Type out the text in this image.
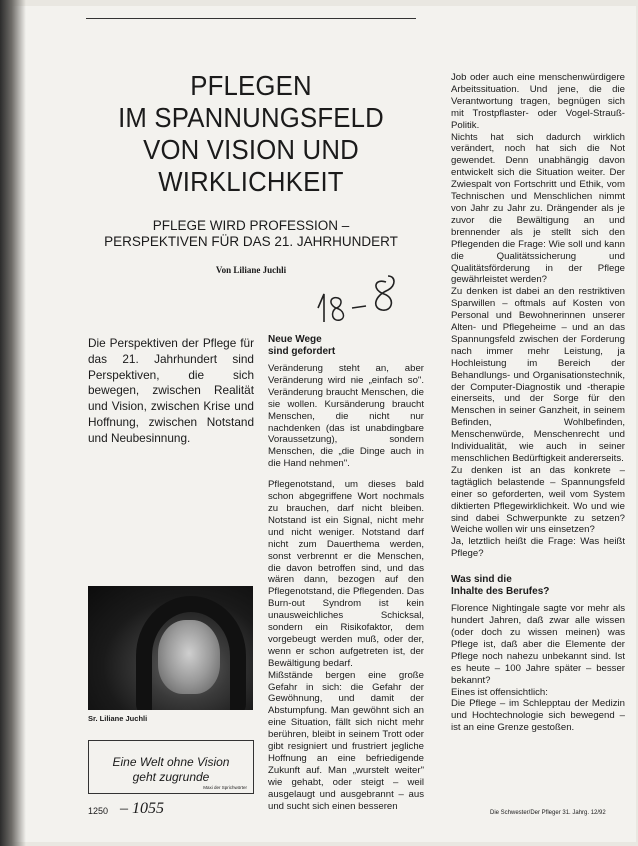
PFLEGEN
IM SPANNUNGSFELD
VON VISION UND
WIRKLICHKEIT
PFLEGE WIRD PROFESSION –
PERSPEKTIVEN FÜR DAS 21. JAHRHUNDERT
Von Liliane Juchli
Die Perspektiven der Pflege für das 21. Jahrhundert sind Perspektiven, die sich bewegen, zwischen Realität und Vision, zwischen Krise und Hoffnung, zwischen Notstand und Neubesinnung.
Sr. Liliane Juchli
Eine Welt ohne Vision
geht zugrunde
Maxi der Sprichwörter
Neue Wege
sind gefordert

Veränderung steht an, aber Veränderung wird nie „einfach so". Veränderung braucht Menschen, die sie wollen. Kursänderung braucht Menschen, die nicht nur nachdenken (das ist unabdingbare Voraussetzung), sondern Menschen, die „die Dinge auch in die Hand nehmen".

Pflegenotstand, um dieses bald schon abgegriffene Wort nochmals zu brauchen, darf nicht bleiben. Notstand ist ein Signal, nicht mehr und nicht weniger. Notstand darf nicht zum Dauerthema werden, sonst verbrennt er die Menschen, die davon betroffen sind, und das wären dann, bezogen auf den Pflegenotstand, die Pflegenden. Das Burn-out Syndrom ist kein unausweichliches Schicksal, sondern ein Risikofaktor, dem vorgebeugt werden muß, oder der, wenn er schon aufgetreten ist, der Bewältigung bedarf.

Mißstände bergen eine große Gefahr in sich: die Gefahr der Gewöhnung, und damit der Abstumpfung. Man gewöhnt sich an eine Situation, fällt sich nicht mehr berühren, bleibt in seinem Trott oder gibt resigniert und frustriert jegliche Hoffnung an eine befriedigende Zukunft auf. Man „wurstelt weiter" wie gehabt, oder steigt – weil ausgelaugt und ausgebrannt – aus und sucht sich einen besseren

Job oder auch eine menschenwürdigere Arbeitssituation. Und jene, die die Verantwortung tragen, begnügen sich mit Trostpflaster- oder Vogel-Strauß-Politik.

Nichts hat sich dadurch wirklich verändert, noch hat sich die Not gewendet. Denn unabhängig davon entwickelt sich die Situation weiter. Der Zwiespalt von Fortschritt und Ethik, vom Technischen und Menschlichen nimmt von Jahr zu Jahr zu. Drängender als je zuvor die Bewältigung an und brennender als je stellt sich den Pflegenden die Frage: Wie soll und kann die Qualitätssicherung und Qualitätsförderung in der Pflege gewährleistet werden?

Zu denken ist dabei an den restriktiven Sparwillen – oftmals auf Kosten von Personal und Bewohnerinnen unserer Alten- und Pflegeheime – und an das Spannungsfeld zwischen der Forderung nach immer mehr Leistung, ja Hochleistung im Bereich der Behandlungs- und Organisationstechnik, der Computer-Diagnostik und -therapie einerseits, und der Sorge für den Menschen in seiner Ganzheit, in seinem Befinden, Wohlbefinden, Menschenwürde, Menschenrecht und Individualität, wie auch in seiner menschlichen Bedürftigkeit andererseits.

Zu denken ist an das konkrete – tagtäglich belastende – Spannungsfeld einer so geforderten, weil vom System diktierten Pflegewirklichkeit. Wo und wie sind dabei Schwerpunkte zu setzen? Weiche wollen wir uns einsetzen?

Ja, letztlich heißt die Frage: Was heißt Pflege?

Was sind die
Inhalte des Berufes?

Florence Nightingale sagte vor mehr als hundert Jahren, daß zwar alle wissen (oder doch zu wissen meinen) was Pflege ist, daß aber die Elemente der Pflege noch nahezu unbekannt sind. Ist es heute – 100 Jahre später – besser bekannt?

Eines ist offensichtlich:

Die Pflege – im Schlepptau der Medizin und Hochtechnologie sich bewegend – ist an eine Grenze gestoßen.

1250 – 1055	Die Schwester/Der Pfleger 31. Jahrg. 12/92
